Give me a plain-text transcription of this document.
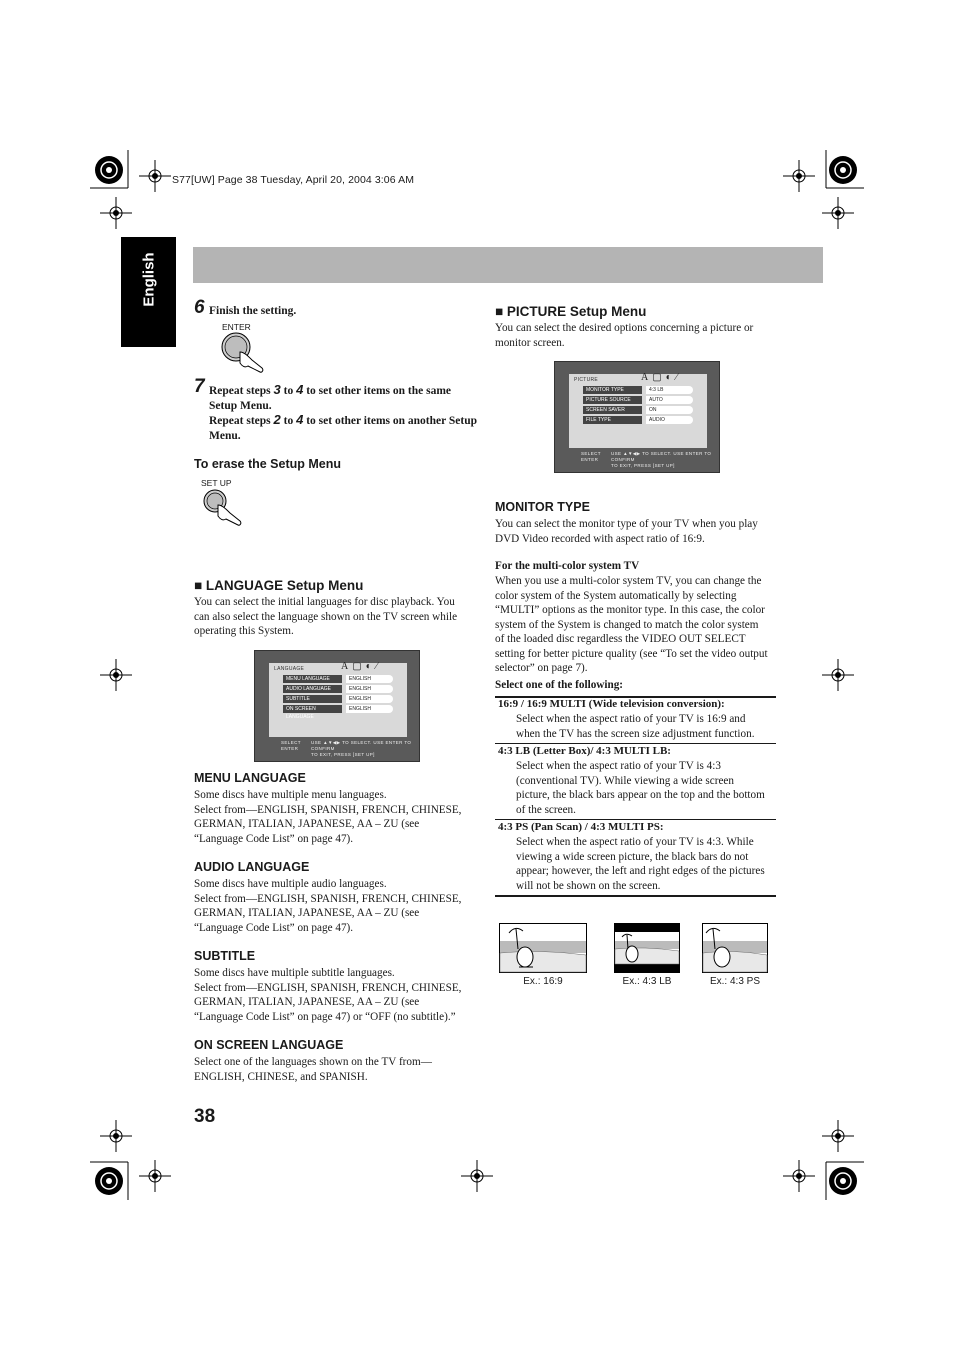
S77[UW] Page 38 Tuesday, April 20, 2004 3:06 AM
English
6 Finish the setting.
ENTER
7 Repeat steps 3 to 4 to set other items on the same
Setup Menu.
Repeat steps 2 to 4 to set other items on another Setup
Menu.
To erase the Setup Menu
SET UP
■ LANGUAGE Setup Menu
You can select the initial languages for disc playback. You
can also select the language shown on the TV screen while
operating this System.
LANGUAGE	A▢◐⁄
MENU LANGUAGE	ENGLISH
AUDIO LANGUAGE	ENGLISH
SUBTITLE	ENGLISH
ON SCREEN LANGUAGE
ENGLISH
SELECT
ENTER
USE ▲▼◀▶ TO SELECT. USE ENTER TO CONFIRM
TO EXIT, PRESS [SET UP]
MENU LANGUAGE
Some discs have multiple menu languages.
Select from—ENGLISH, SPANISH, FRENCH, CHINESE,
GERMAN, ITALIAN, JAPANESE, AA – ZU (see
“Language Code List” on page 47).
AUDIO LANGUAGE
Some discs have multiple audio languages.
Select from—ENGLISH, SPANISH, FRENCH, CHINESE,
GERMAN, ITALIAN, JAPANESE, AA – ZU (see
“Language Code List” on page 47).
SUBTITLE
Some discs have multiple subtitle languages.
Select from—ENGLISH, SPANISH, FRENCH, CHINESE,
GERMAN, ITALIAN, JAPANESE, AA – ZU (see
“Language Code List” on page 47) or “OFF (no subtitle).”
ON SCREEN LANGUAGE
Select one of the languages shown on the TV from—
ENGLISH, CHINESE, and SPANISH.
38
■ PICTURE Setup Menu
You can select the desired options concerning a picture or
monitor screen.
PICTURE	A▢◐⁄
MONITOR TYPE	4:3 LB
PICTURE SOURCE	AUTO
SCREEN SAVER	ON
FILE TYPE	AUDIO
SELECT
ENTER
USE ▲▼◀▶ TO SELECT. USE ENTER TO CONFIRM
TO EXIT, PRESS [SET UP]
MONITOR TYPE
You can select the monitor type of your TV when you play
DVD Video recorded with aspect ratio of 16:9.
For the multi-color system TV
When you use a multi-color system TV, you can change the
color system of the System automatically by selecting
“MULTI” options as the monitor type. In this case, the color
system of the System is changed to match the color system
of the loaded disc regardless the VIDEO OUT SELECT
setting for better picture quality (see “To set the video output
selector” on page 7).
Select one of the following:
16:9 / 16:9 MULTI (Wide television conversion):
Select when the aspect ratio of your TV is 16:9 and
when the TV has the screen size adjustment function.
4:3 LB (Letter Box)/ 4:3 MULTI LB:
Select when the aspect ratio of your TV is 4:3
(conventional TV). While viewing a wide screen
picture, the black bars appear on the top and the bottom
of the screen.
4:3 PS (Pan Scan) / 4:3 MULTI PS:
Select when the aspect ratio of your TV is 4:3. While
viewing a wide screen picture, the black bars do not
appear; however, the left and right edges of the pictures
will not be shown on the screen.
Ex.: 16:9	Ex.: 4:3 LB	Ex.: 4:3 PS
